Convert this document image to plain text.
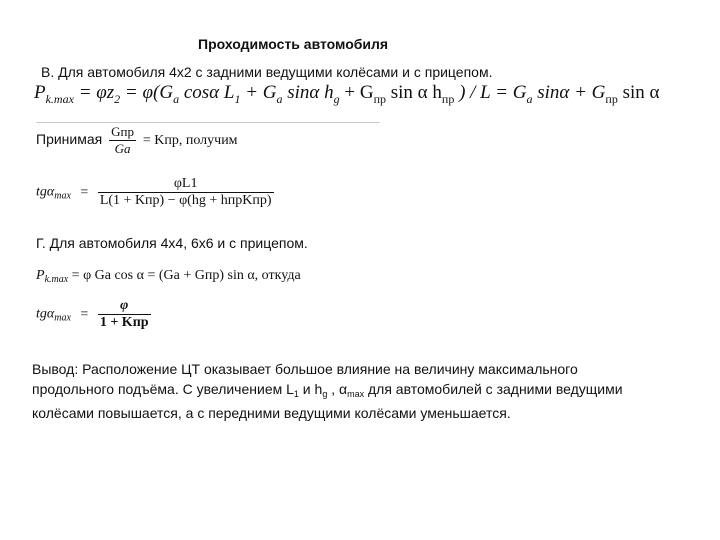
Проходимость автомобиля
B. Для автомобиля 4х2 с задними ведущими колёсами и с прицепом.
$P_{k.max} = \varphi z_2 = \varphi(G_a$ cosα $L_1 + G_a$ sinα $h_g + G_{пр}$ sin α $h_{пр}$ ) / $L = G_a$ $\sin\alpha + G_{пр}$ sin α
Принимая $\frac{\text{Gпр}}{Ga}$ = Kпр, получим
$tg\alpha_{max} = \frac{\varphi L1}{\text{L(1 + Kпр) − φ(hg + hпрKпр)}}$
Г. Для автомобиля 4х4, 6х6 и с прицепом.
$P_{k.max} = \varphi$ Ga cos α = (Ga + Gпр) sin α, откуда
$tg\alpha_{max} = \frac{\varphi}{\text{1 + Kпр}}$
Вывод: Расположение ЦТ оказывает большое влияние на величину максимального продольного подъёма. С увеличением $L_1$ и $h_g$ , $\alpha_{max}$ для автомобилей с задними ведущими колёсами повышается, а с передними ведущими колёсами уменьшается.
